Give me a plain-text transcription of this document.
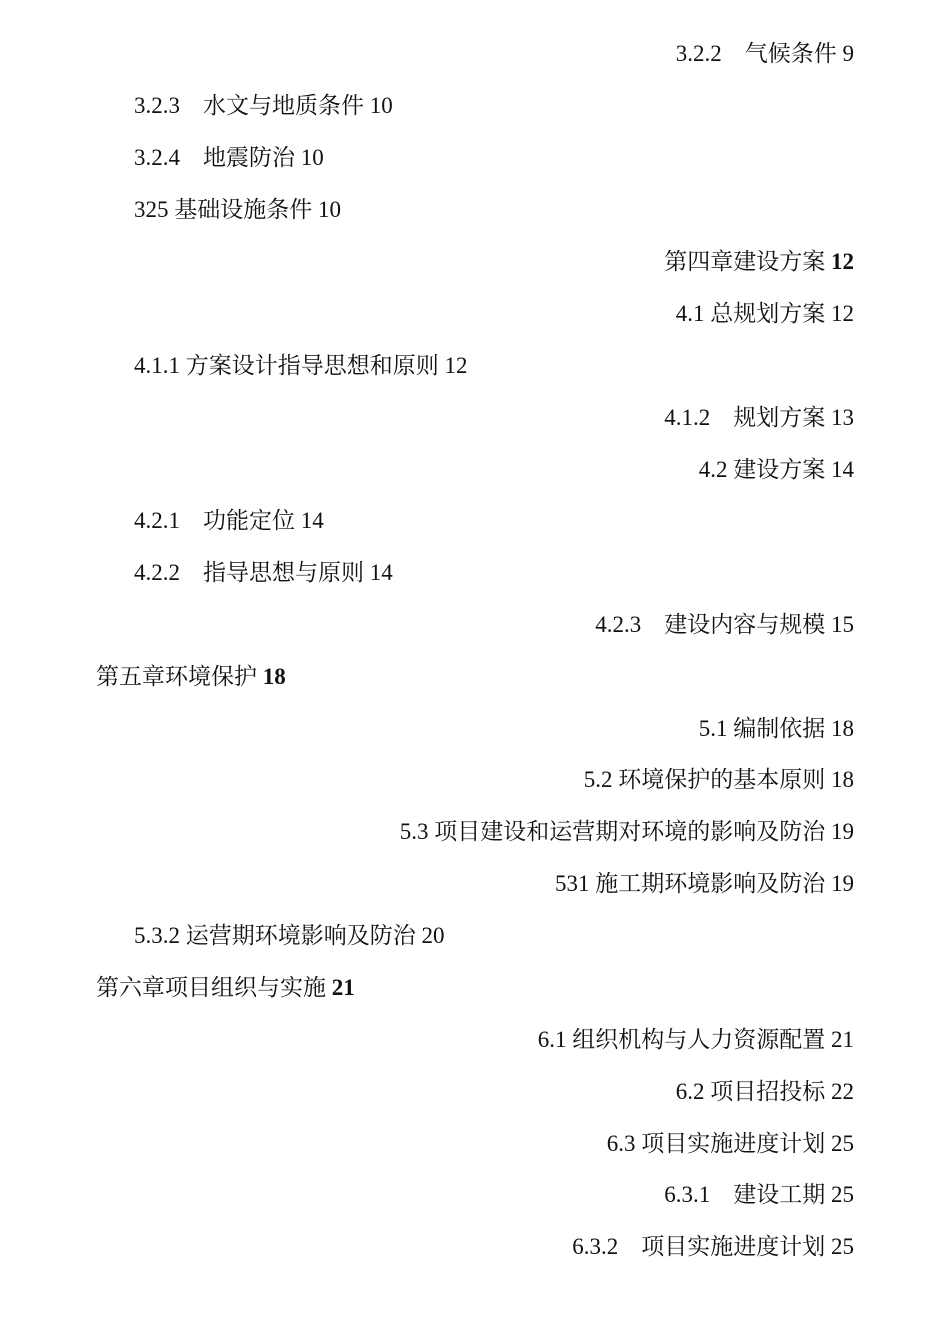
3.2.2    气候条件 9
3.2.3    水文与地质条件 10
3.2.4    地震防治 10
325 基础设施条件 10
第四章建设方案 12
4.1 总规划方案 12
4.1.1 方案设计指导思想和原则 12
4.1.2    规划方案 13
4.2 建设方案 14
4.2.1    功能定位 14
4.2.2    指导思想与原则 14
4.2.3    建设内容与规模 15
第五章环境保护 18
5.1 编制依据 18
5.2 环境保护的基本原则 18
5.3 项目建设和运营期对环境的影响及防治 19
531 施工期环境影响及防治 19
5.3.2 运营期环境影响及防治 20
第六章项目组织与实施 21
6.1 组织机构与人力资源配置 21
6.2 项目招投标 22
6.3 项目实施进度计划 25
6.3.1    建设工期 25
6.3.2    项目实施进度计划 25
